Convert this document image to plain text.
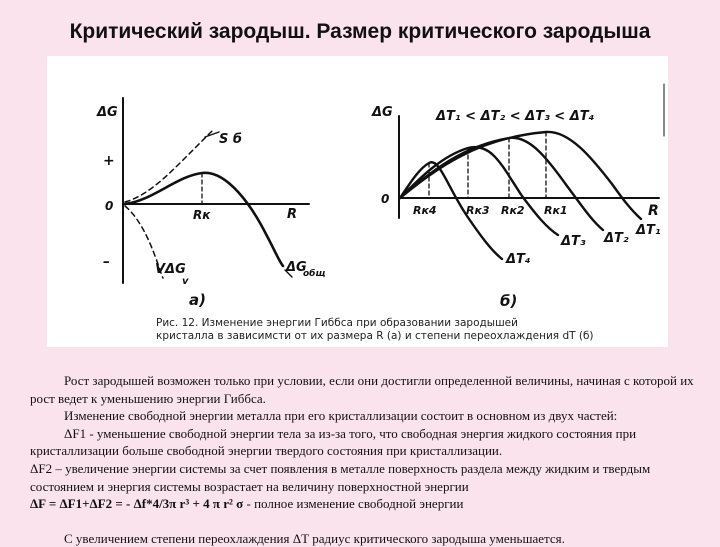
Критический зародыш. Размер критического зародыша
ΔG
+
0
–
S б
VΔG
v
Rк	R
ΔG
общ
а)
ΔG
0
ΔT₁ < ΔT₂ < ΔT₃ < ΔT₄
R
Rк4	Rк3 Rк2 Rк1
ΔT₄
ΔT₃ ΔT₂
ΔT₁
б)
Рис. 12. Изменение энергии Гиббса при образовании зародышей
кристалла в зависимсти от их размера R (а) и степени переохлаждения dT (б)

Рост зародышей возможен только при условии, если они достигли определенной величины, начиная с которой их рост ведет к уменьшению энергии Гиббса.

Изменение свободной энергии металла при его кристаллизации состоит в основном из двух частей:

ΔF1 - уменьшение свободной энергии тела за из-за того, что свободная энергия жидкого состояния при кристаллизации больше свободной энергии твердого состояния при кристаллизации.

ΔF2 – увеличение энергии системы за счет появления в металле поверхность раздела между жидким и твердым состоянием и энергия системы возрастает на величину поверхностной энергии

ΔF = ΔF1+ΔF2 = - Δf*4/3π r³ + 4 π r² σ - полное изменение свободной энергии

С увеличением степени переохлаждения ΔТ радиус критического зародыша уменьшается.
